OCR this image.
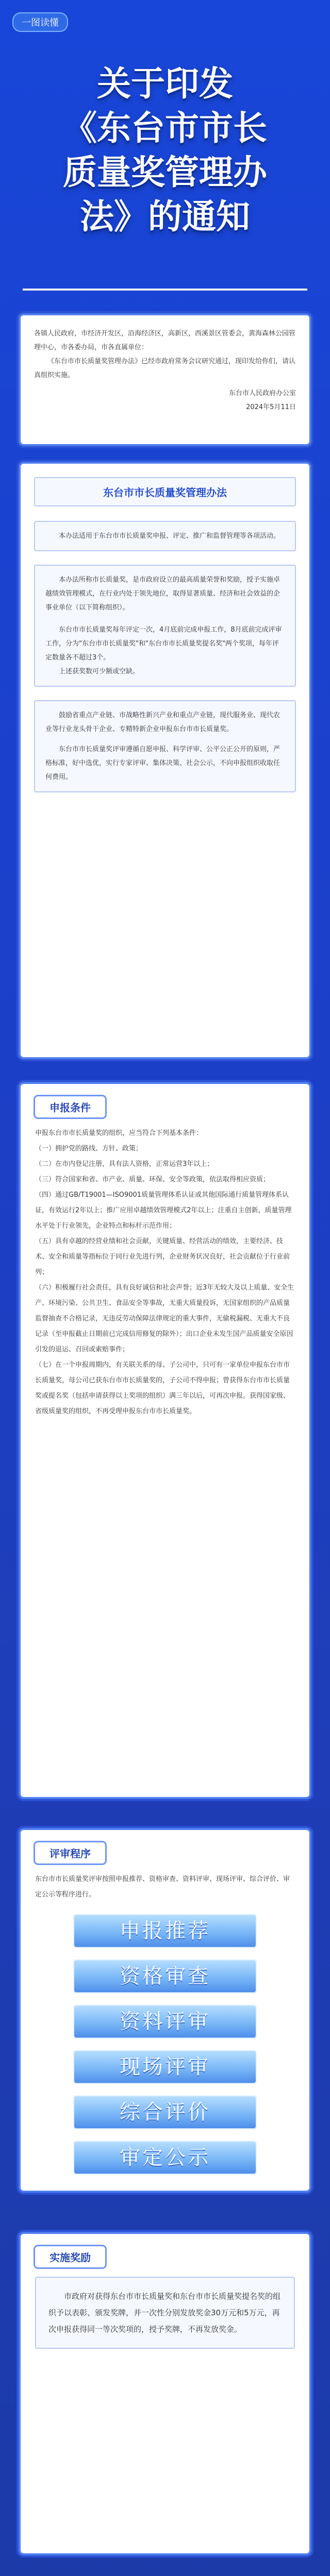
一图读懂
关于印发
《东台市市长
质量奖管理办
法》的通知

各镇人民政府，市经济开发区，沿海经济区，高新区，西溪景区管委会，黄海森林公园管理中心，市各委办局，市各直属单位：

《东台市市长质量奖管理办法》已经市政府常务会议研究通过，现印发给你们，请认真组织实施。

东台市人民政府办公室

2024年5月11日

东台市市长质量奖管理办法

本办法适用于东台市市长质量奖申报、评定、推广和监督管理等各项活动。

本办法所称市长质量奖，是市政府设立的最高质量荣誉和奖励，授予实施卓越绩效管理模式，在行业内处于领先地位，取得显著质量、经济和社会效益的企事业单位（以下简称组织）。

东台市市长质量奖每年评定一次，4月底前完成申报工作，8月底前完成评审工作，分为"东台市市长质量奖"和"东台市市长质量奖提名奖"两个奖项，每年评定数量各不超过3个。

上述获奖数可少额或空缺。

鼓励省重点产业链、市战略性新兴产业和重点产业链，现代服务业、现代农业等行业龙头骨干企业、专精特新企业申报东台市市长质量奖。

东台市市长质量奖评审遵循自愿申报、科学评审、公平公正公开的原则，严格标准，好中选优，实行专家评审、集体决策、社会公示，不向申报组织收取任何费用。

申报条件

申报东台市市长质量奖的组织，应当符合下列基本条件：

（一）拥护党的路线、方针、政策；

（二）在市内登记注册，具有法人资格，正常运营3年以上；

（三）符合国家和省、市产业、质量、环保、安全等政策，依法取得相应资质；

（四）通过GB/T19001—ISO9001质量管理体系认证或其他国际通行质量管理体系认证，有效运行2年以上；推广应用卓越绩效管理模式2年以上；注重自主创新，质量管理水平处于行业领先，企业特点和标杆示范作用；

（五）具有卓越的经营业绩和社会贡献，关键质量、经营活动的绩效，主要经济、技术、安全和质量等指标位于同行业先进行列，企业财务状况良好，社会贡献位于行业前列；

（六）积极履行社会责任，具有良好诚信和社会声誉；近3年无较大及以上质量、安全生产、环境污染、公共卫生、食品安全等事故，无重大质量投诉，无国家组织的产品质量监督抽查不合格记录，无违反劳动保障法律规定的重大事件，无偷税漏税、无重大不良记录（至申报截止日期前已完成信用修复的除外）；出口企业未发生国产品质量安全原因引发的退运、召回或索赔事件；

（七）在一个申报周期内，有关联关系的母、子公司中，只可有一家单位申报东台市市长质量奖，母公司已获东台市市长质量奖的，子公司不得申报；曾获得东台市市长质量奖或提名奖（包括申请获得以上奖项的组织）满三年以后，可再次申报。获得国家级、省级质量奖的组织，不再受理申报东台市市长质量奖。

评审程序

东台市市长质量奖评审按照申报推荐、资格审查、资料评审、现场评审、综合评价、审定公示等程序进行。

申报推荐
资格审查
资料评审
现场评审
综合评价
审定公示
实施奖励

市政府对获得东台市市长质量奖和东台市市长质量奖提名奖的组织予以表彰、颁发奖牌，并一次性分别发放奖金30万元和5万元，再次申报获得同一等次奖项的，授予奖牌，不再发放奖金。
